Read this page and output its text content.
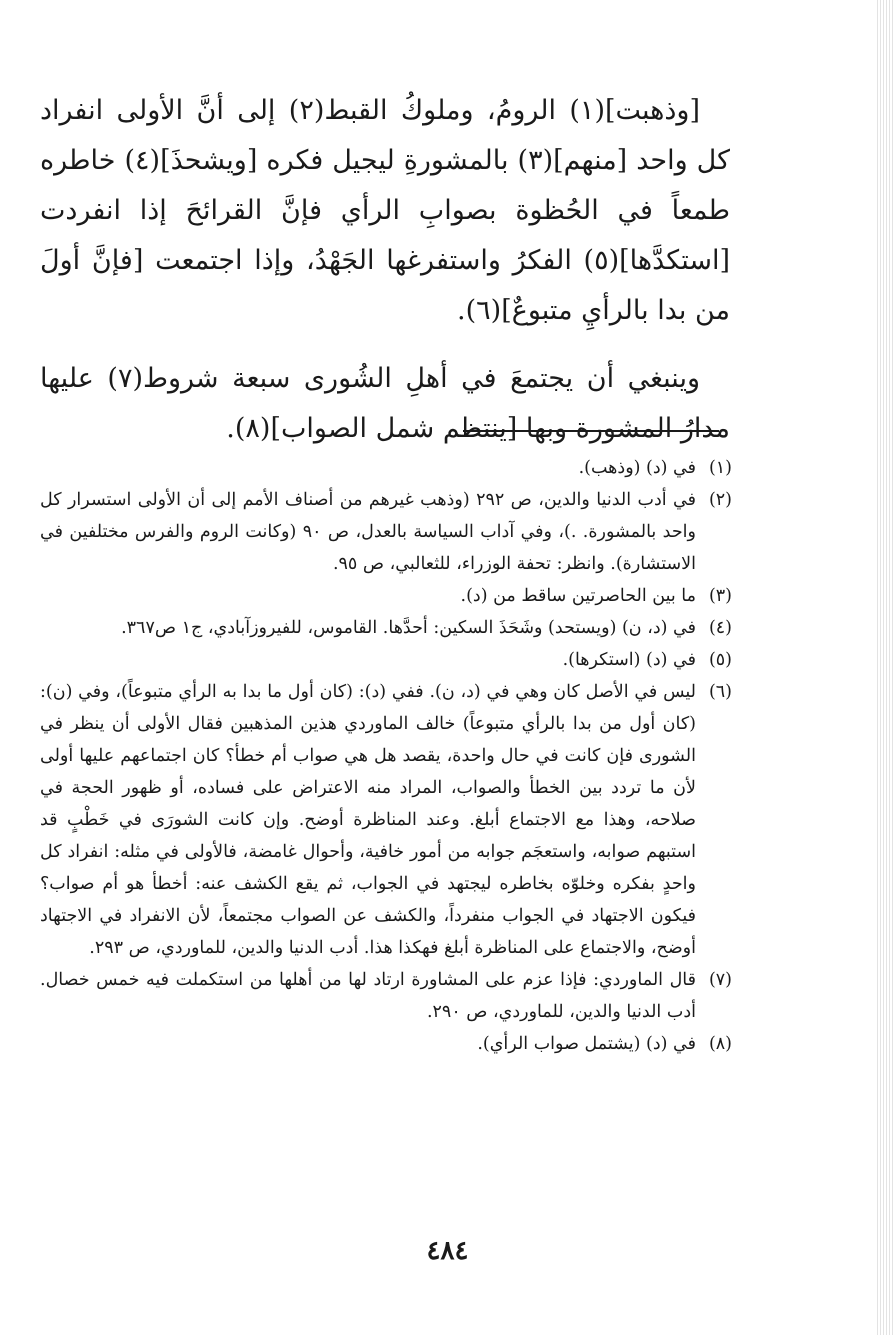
[وذهبت](١) الرومُ، وملوكُ القبط(٢) إلى أنَّ الأولى انفراد كل واحد [منهم](٣) بالمشورةِ ليجيل فكره [ويشحذَ](٤) خاطره طمعاً في الحُظوة بصوابِ الرأي فإنَّ القرائحَ إذا انفردت [استكدَّها](٥) الفكرُ واستفرغها الجَهْدُ، وإذا اجتمعت [فإنَّ أولَ من بدا بالرأيِ متبوعٌ](٦).

وينبغي أن يجتمعَ في أهلِ الشُورى سبعة شروط(٧) عليها مدارُ المشورة وبها [ينتظم شمل الصواب](٨).

(١)
في (د) (وذهب).
(٢)
في أدب الدنيا والدين، ص ٢٩٢ (وذهب غيرهم من أصناف الأمم إلى أن الأولى استسرار كل واحد بالمشورة. .)، وفي آداب السياسة بالعدل، ص ٩٠ (وكانت الروم والفرس مختلفين في الاستشارة). وانظر: تحفة الوزراء، للثعالبي، ص ٩٥.
(٣)
ما بين الحاصرتين ساقط من (د).
(٤)
في (د، ن) (ويستحد) وشَحَذَ السكين: أحدَّها. القاموس، للفيروزآبادي، ج١ ص٣٦٧.
(٥)
في (د) (استكرها).
(٦)
ليس في الأصل كان وهي في (د، ن). ففي (د): (كان أول ما بدا به الرأي متبوعاً)، وفي (ن): (كان أول من بدا بالرأي متبوعاً) خالف الماوردي هذين المذهبين فقال الأولى أن ينظر في الشورى فإن كانت في حال واحدة، يقصد هل هي صواب أم خطأ؟ كان اجتماعهم عليها أولى لأن ما تردد بين الخطأ والصواب، المراد منه الاعتراض على فساده، أو ظهور الحجة في صلاحه، وهذا مع الاجتماع أبلغ. وعند المناظرة أوضح. وإن كانت الشورَى في خَطْبٍ قد استبهم صوابه، واستعجَم جوابه من أمور خافية، وأحوال غامضة، فالأولى في مثله: انفراد كل واحدٍ بفكره وخلوّه بخاطره ليجتهد في الجواب، ثم يقع الكشف عنه: أخطأ هو أم صواب؟ فيكون الاجتهاد في الجواب منفرداً، والكشف عن الصواب مجتمعاً، لأن الانفراد في الاجتهاد أوضح، والاجتماع على المناظرة أبلغ فهكذا هذا. أدب الدنيا والدين، للماوردي، ص ٢٩٣.
(٧)
قال الماوردي: فإذا عزم على المشاورة ارتاد لها من أهلها من استكملت فيه خمس خصال. أدب الدنيا والدين، للماوردي، ص ٢٩٠.
(٨)
في (د) (يشتمل صواب الرأي).
٤٨٤
